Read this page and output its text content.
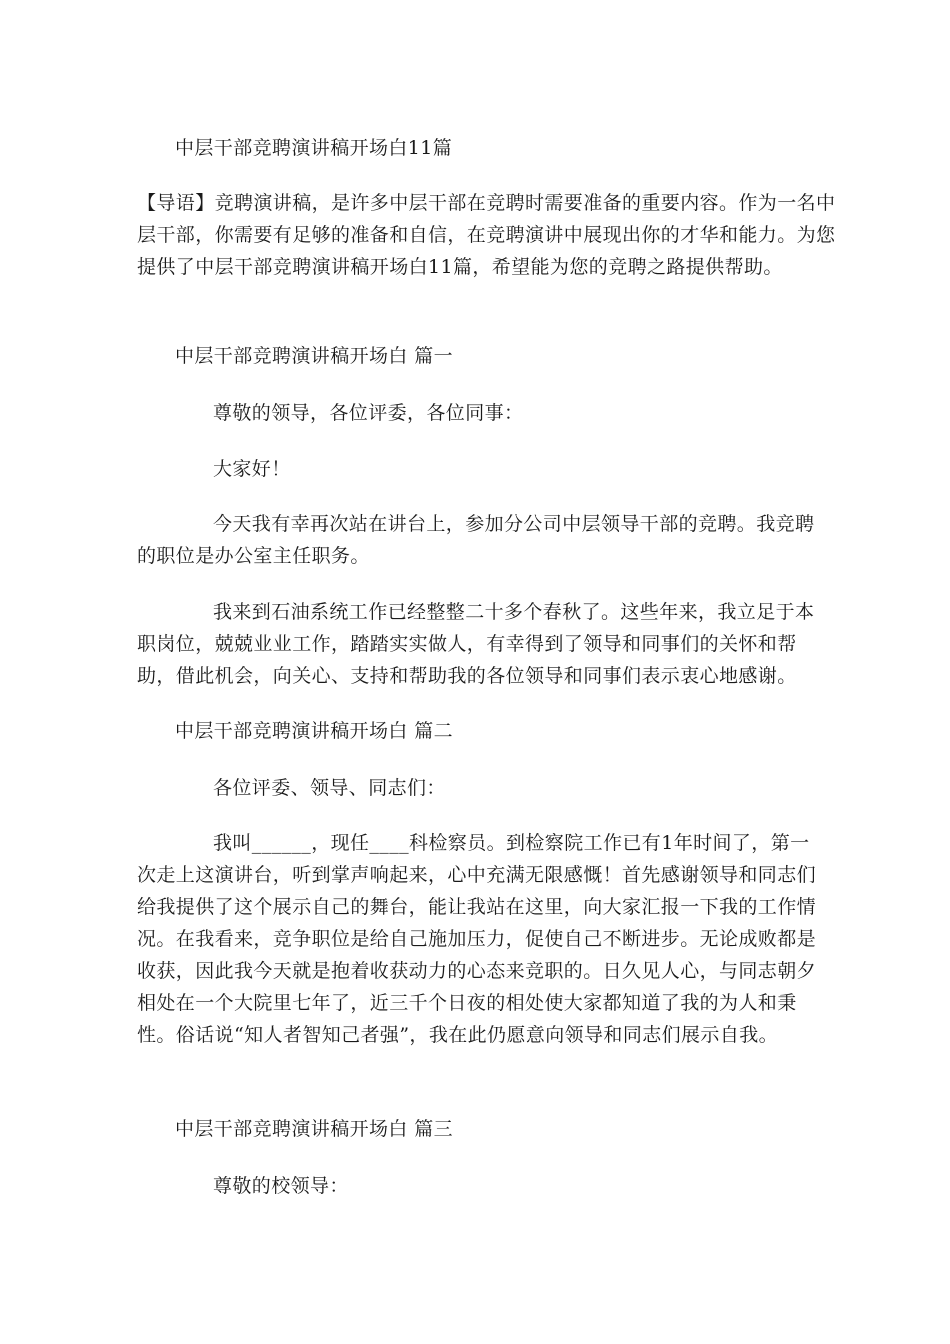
中层干部竞聘演讲稿开场白11篇
【导语】竞聘演讲稿，是许多中层干部在竞聘时需要准备的重要内容。作为一名中层干部，你需要有足够的准备和自信，在竞聘演讲中展现出你的才华和能力。为您提供了中层干部竞聘演讲稿开场白11篇，希望能为您的竞聘之路提供帮助。
中层干部竞聘演讲稿开场白 篇一
尊敬的领导，各位评委，各位同事：
大家好！
今天我有幸再次站在讲台上，参加分公司中层领导干部的竞聘。我竞聘的职位是办公室主任职务。
我来到石油系统工作已经整整二十多个春秋了。这些年来，我立足于本职岗位，兢兢业业工作，踏踏实实做人，有幸得到了领导和同事们的关怀和帮助，借此机会，向关心、支持和帮助我的各位领导和同事们表示衷心地感谢。
中层干部竞聘演讲稿开场白 篇二
各位评委、领导、同志们：
我叫______，现任____科检察员。到检察院工作已有1年时间了，第一次走上这演讲台，听到掌声响起来，心中充满无限感慨！首先感谢领导和同志们给我提供了这个展示自己的舞台，能让我站在这里，向大家汇报一下我的工作情况。在我看来，竞争职位是给自己施加压力，促使自己不断进步。无论成败都是收获，因此我今天就是抱着收获动力的心态来竞职的。日久见人心，与同志朝夕相处在一个大院里七年了，近三千个日夜的相处使大家都知道了我的为人和秉性。俗话说“知人者智知己者强”，我在此仍愿意向领导和同志们展示自我。
中层干部竞聘演讲稿开场白 篇三
尊敬的校领导：
